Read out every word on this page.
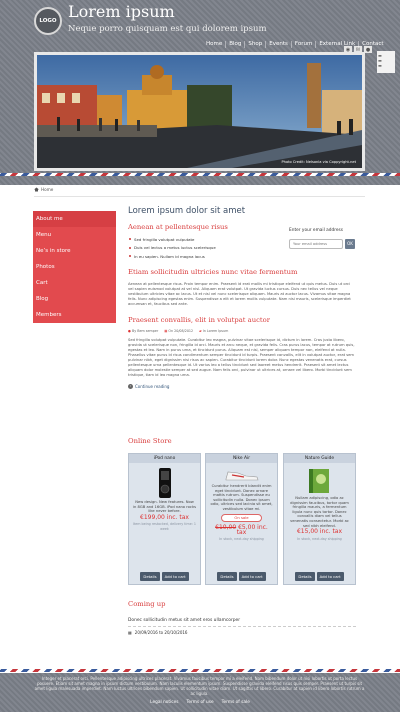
LOGO Lorem ipsum
Neque porro quisquam est qui dolorem ipsum
◉	✉	●
▬
▬
▬
Home	Blog	Shop	Events	Forum	External Link	Contact
Photo Credit: Nelsonla via Coppyright.net
Home
About me
Menu
Ne’s in store
Photos
Cart
Blog
Members
Lorem ipsum dolor sit amet
Aenean at pellentesque risus
Sed fringilla volutpat vulputate
Duis vel lectus a metus luctus scelerisque
In eu sapien. Nullam id magna lacus
Enter your email address
Your email address	OK
Etiam sollicitudin ultricies nunc vitae fermentum

Aenean at pellentesque risus. Proin tempor enim. Praesent id erat mollis mi tristique eleifend ut quis metus. Duis ut orci vel sapien euismod volutpat at vel nisl. Aliquam erat volutpat. Ut gravida luctus cursus. Duis nec tellus vel neque vestibulum ultricies vitae ac lacus. Ut et nisl vel nunc scelerisque aliquam. Mauris at auctor lacus. Vivamus vitae magna felis. Nunc adipiscing egestas enim. Suspendisse a elit et lorem mollis vulputate. Nam nisi mauris, scelerisque imperdiet accumsan et, faucibus sed ante.

Praesent convallis, elit in volutpat auctor
● By Bem semper ▦ On 20/08/2012 ▰ In Lorem Ipsum

Sed fringilla volutpat vulputate. Curabitur leo magna, pulvinar vitae scelerisque id, dictum in lorem. Cras justo libero, gravida ut scelerisque non, fringilla id orci. Mauris et arcu neque, et gravida felis. Cras purus lacus, tempor at rutrum quis, egestas et leo. Nam in purus urna, et tincidunt purus. Aliquam est nisl, semper aliquam tempor non, eleifend at nulla. Phasellus vitae purus id risus condimentum semper tincidunt id turpis. Praesent convallis, elit in volutpat auctor, erat sem pulvinar nibh, eget dignissim nisi risus ac sapien. Curabitur tincidunt lorem dolor. Nunc egestas venenatis erat, cursus pellentesque urna pellentesque id. Ut varius leo a tellus tincidunt sed laoreet metus hendrerit. Praesent sit amet lectus aliquam dolor molestie semper at sed augue. Nam felis orci, pulvinar ut ultrices at, ornare vel libero. Morbi tincidunt sem tristique, tiam id leo magna urna.

› Continue reading
Online Store
iPod nano
New design. New features. Now in 8GB and 16GB. iPod nano rocks like never before.
€199,00 inc. tax
Item being restocked, delivery time: 1 week
Details	Add to cart
Nike Air
Curabitur hendrerit blandit enim eget tincidunt. Donec ornare mattis rutrum. Suspendisse eu sollicitudin nulla. Donec ipsum odio, ultrices sed lacinia sit amet, vestibulum vitae mi.
On sale
€10,00 €5,00 inc. tax
In stock, next-day shipping
Details	Add to cart
Nature Guide
Nullam adipiscing, odio ac dignissim faucibus, tortor quam fringilla mauris, a fermentum ligula nunc quis tortor. Donec convallis diam vel tellus venenatis consectetur. Morbi ac sed nibh eleifend.
€15,00 inc. tax
In stock, next-day shipping
Details	Add to cart
Coming up
Donec sollicitudin metus sit amet eros ullamcorper
▦ 20/09/2016 to 20/10/2016
Integer et placerat orci. Pellentesque adipiscing ultrices placerat. Vivamus faucibus tempor mi a eleifend. Nam bibendum dolor ut nisi lobortis ut porta lectus posuere. Etiam sit amet magna in ipsum dictum vestibulum. Nam laculis elementum ipsum. Suspendisse gravida eleifend risus quis semper. Praesent ut turpis sit amet ligula malesuada imperdiet. Nam luctus ultrices bibendum sapien. Ut sollicitudin vitae diam. Ut sagittis ut libero. Curabitur at sapien id libero lobortis rutrum a ac ligula.
Legal notices Terms of use Terms of sale
